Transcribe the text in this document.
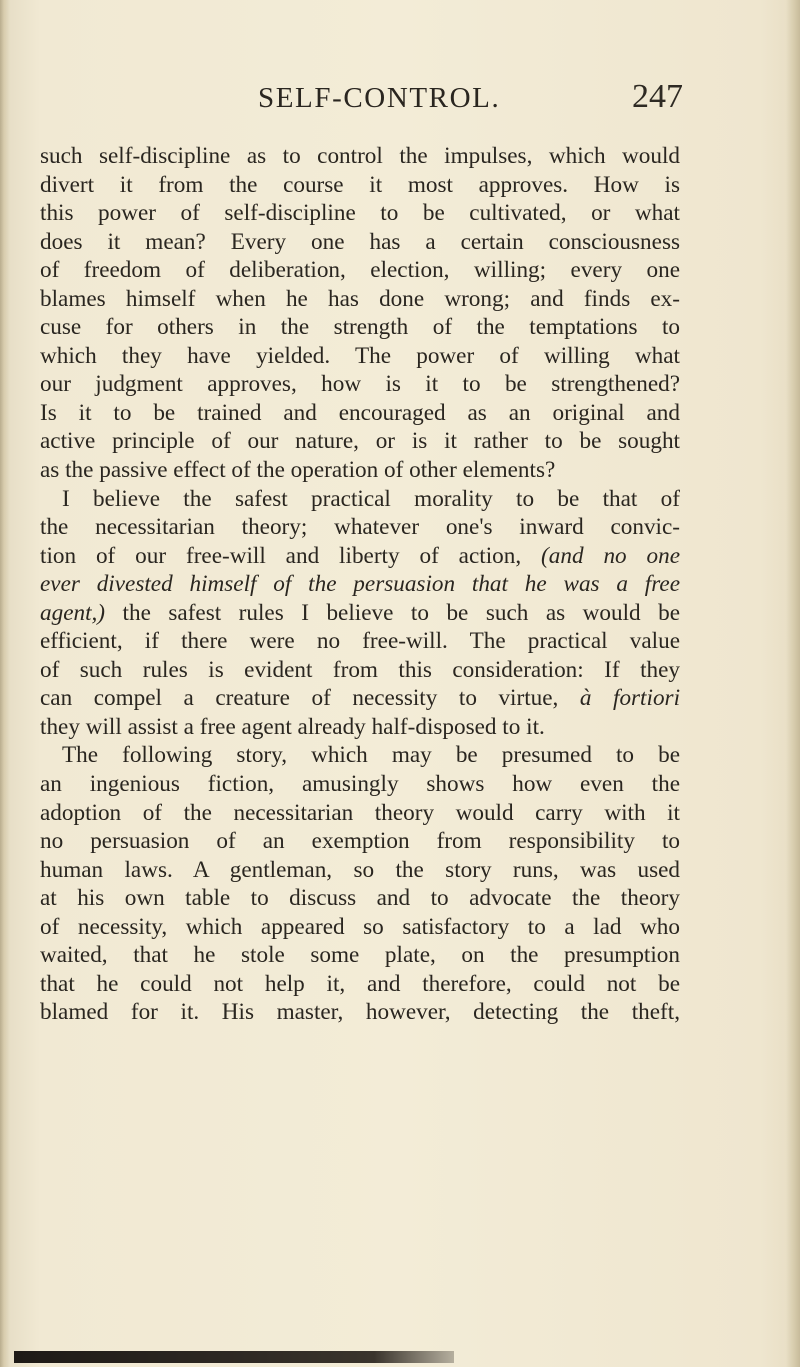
SELF-CONTROL.	247
such self-discipline as to control the impulses, which would
divert it from the course it most approves. How is
this power of self-discipline to be cultivated, or what
does it mean? Every one has a certain consciousness
of freedom of deliberation, election, willing; every one
blames himself when he has done wrong; and finds ex-
cuse for others in the strength of the temptations to
which they have yielded. The power of willing what
our judgment approves, how is it to be strengthened?
Is it to be trained and encouraged as an original and
active principle of our nature, or is it rather to be sought
as the passive effect of the operation of other elements?
I believe the safest practical morality to be that of
the necessitarian theory; whatever one's inward convic-
tion of our free-will and liberty of action, (and no one
ever divested himself of the persuasion that he was a free
agent,) the safest rules I believe to be such as would be
efficient, if there were no free-will. The practical value
of such rules is evident from this consideration: If they
can compel a creature of necessity to virtue, à fortiori
they will assist a free agent already half-disposed to it.
The following story, which may be presumed to be
an ingenious fiction, amusingly shows how even the
adoption of the necessitarian theory would carry with it
no persuasion of an exemption from responsibility to
human laws. A gentleman, so the story runs, was used
at his own table to discuss and to advocate the theory
of necessity, which appeared so satisfactory to a lad who
waited, that he stole some plate, on the presumption
that he could not help it, and therefore, could not be
blamed for it. His master, however, detecting the theft,
